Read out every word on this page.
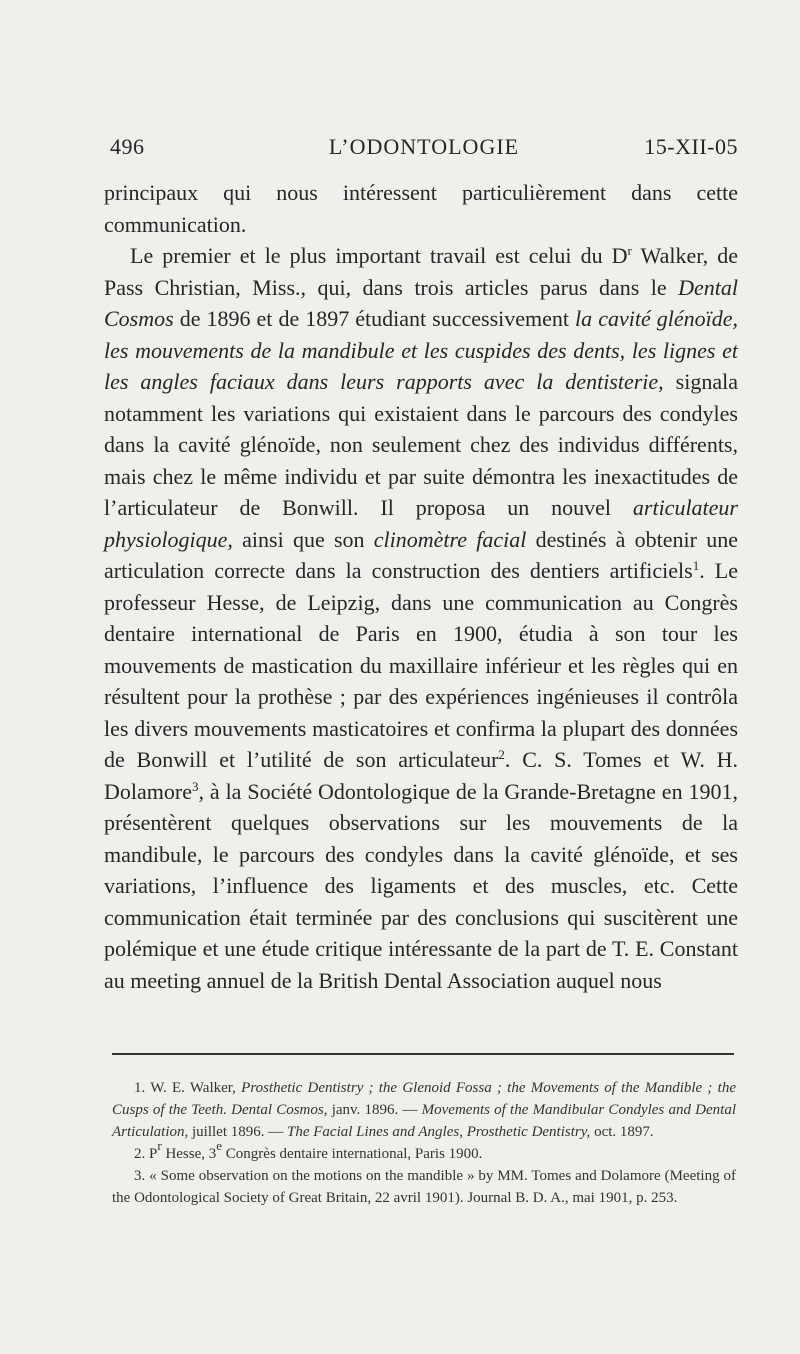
496	L’ODONTOLOGIE	15-XII-05

principaux qui nous intéressent particulièrement dans cette communication.

Le premier et le plus important travail est celui du $D^r$ Walker, de Pass Christian, Miss., qui, dans trois articles parus dans le Dental Cosmos de 1896 et de 1897 étudiant successivement la cavité glénoïde, les mouvements de la mandibule et les cuspides des dents, les lignes et les angles faciaux dans leurs rapports avec la dentisterie, signala notamment les variations qui existaient dans le parcours des condyles dans la cavité glénoïde, non seulement chez des individus différents, mais chez le même individu et par suite démontra les inexactitudes de l’articulateur de Bonwill. Il proposa un nouvel articulateur physiologique, ainsi que son clinomètre facial destinés à obtenir une articulation correcte dans la construction des dentiers artificiels$^1$. Le professeur Hesse, de Leipzig, dans une communication au Congrès dentaire international de Paris en 1900, étudia à son tour les mouvements de mastication du maxillaire inférieur et les règles qui en résultent pour la prothèse ; par des expériences ingénieuses il contrôla les divers mouvements masticatoires et confirma la plupart des données de Bonwill et l’utilité de son articulateur$^2$. C. S. Tomes et W. H. Dolamore$^3$, à la Société Odontologique de la Grande-Bretagne en 1901, présentèrent quelques observations sur les mouvements de la mandibule, le parcours des condyles dans la cavité glénoïde, et ses variations, l’influence des ligaments et des muscles, etc. Cette communication était terminée par des conclusions qui suscitèrent une polémique et une étude critique intéressante de la part de T. E. Constant au meeting annuel de la British Dental Association auquel nous

1. W. E. Walker, Prosthetic Dentistry ; the Glenoid Fossa ; the Movements of the Mandible ; the Cusps of the Teeth. Dental Cosmos, janv. 1896. — Movements of the Mandibular Condyles and Dental Articulation, juillet 1896. — The Facial Lines and Angles, Prosthetic Dentistry, oct. 1897.

2. $P^r$ Hesse, 3e Congrès dentaire international, Paris 1900.

3. « Some observation on the motions on the mandible » by MM. Tomes and Dolamore (Meeting of the Odontological Society of Great Britain, 22 avril 1901). Journal B. D. A., mai 1901, p. 253.
